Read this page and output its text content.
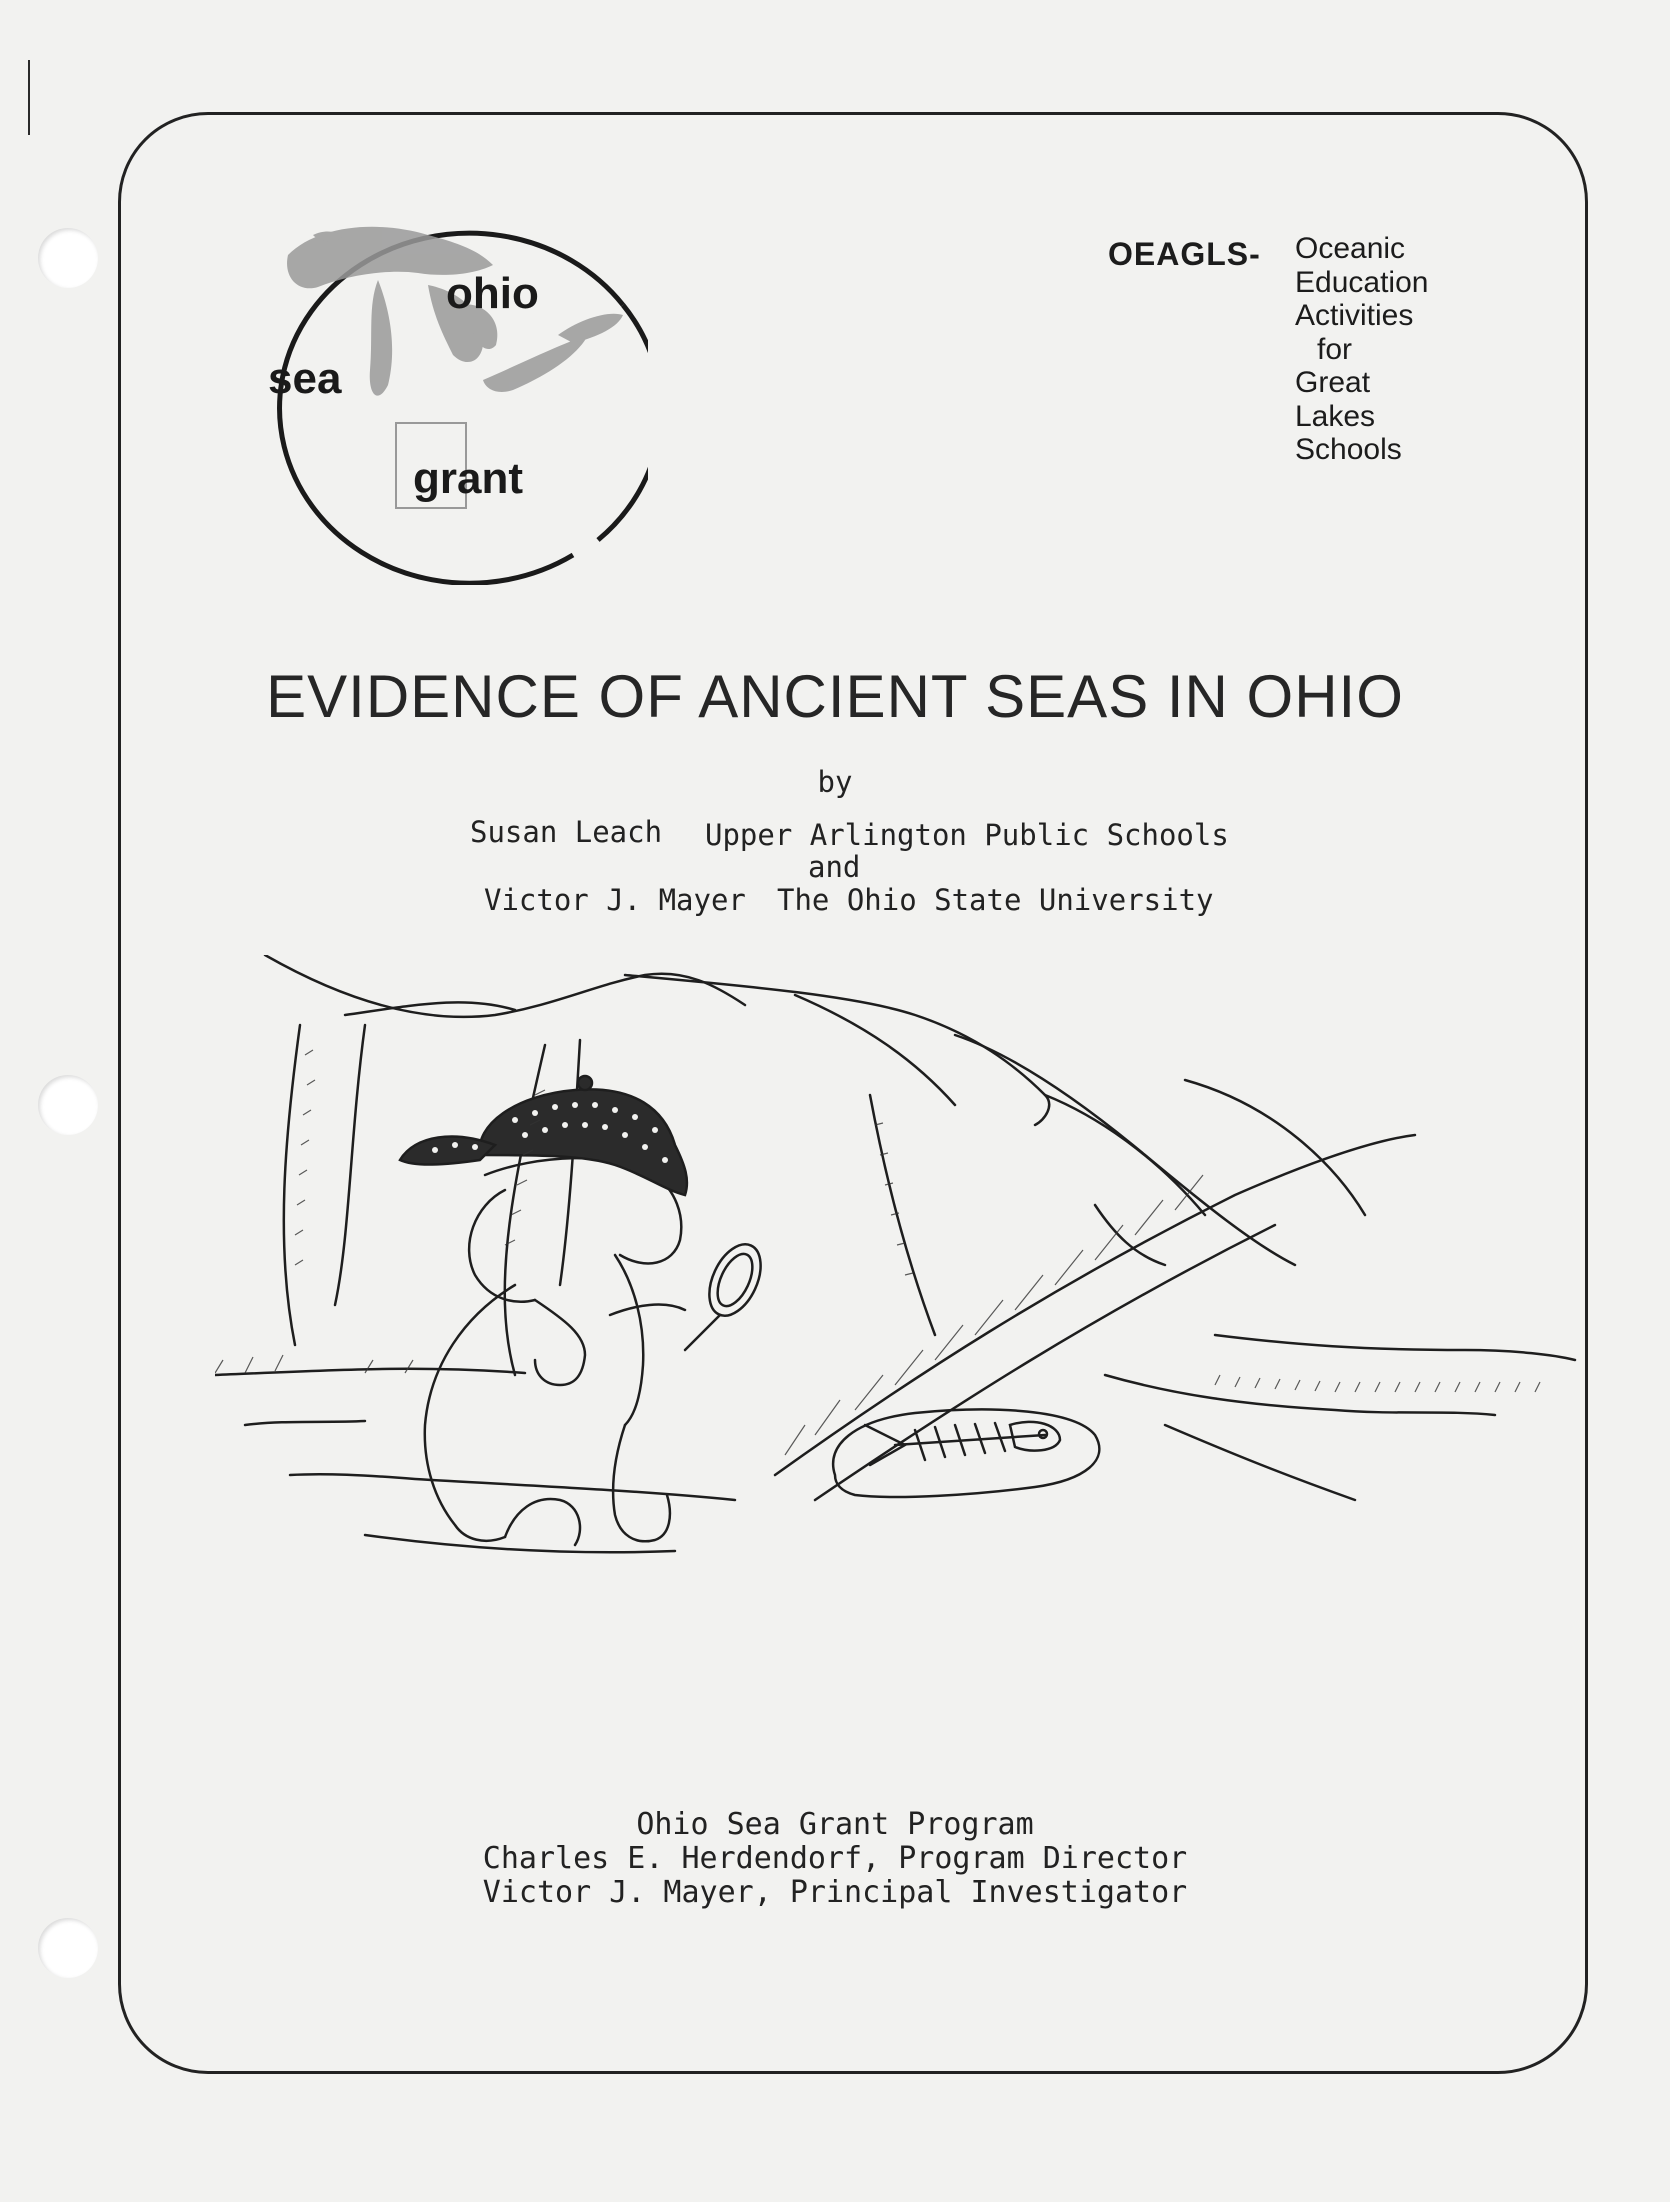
ohio
sea
grant
OEAGLS- Oceanic
Education
Activities
for
Great
Lakes
Schools
EVIDENCE OF ANCIENT SEAS IN OHIO
by
Susan Leach Upper Arlington Public Schools
and
Victor J. Mayer The Ohio State University
Ohio Sea Grant Program
Charles E. Herdendorf, Program Director
Victor J. Mayer, Principal Investigator
